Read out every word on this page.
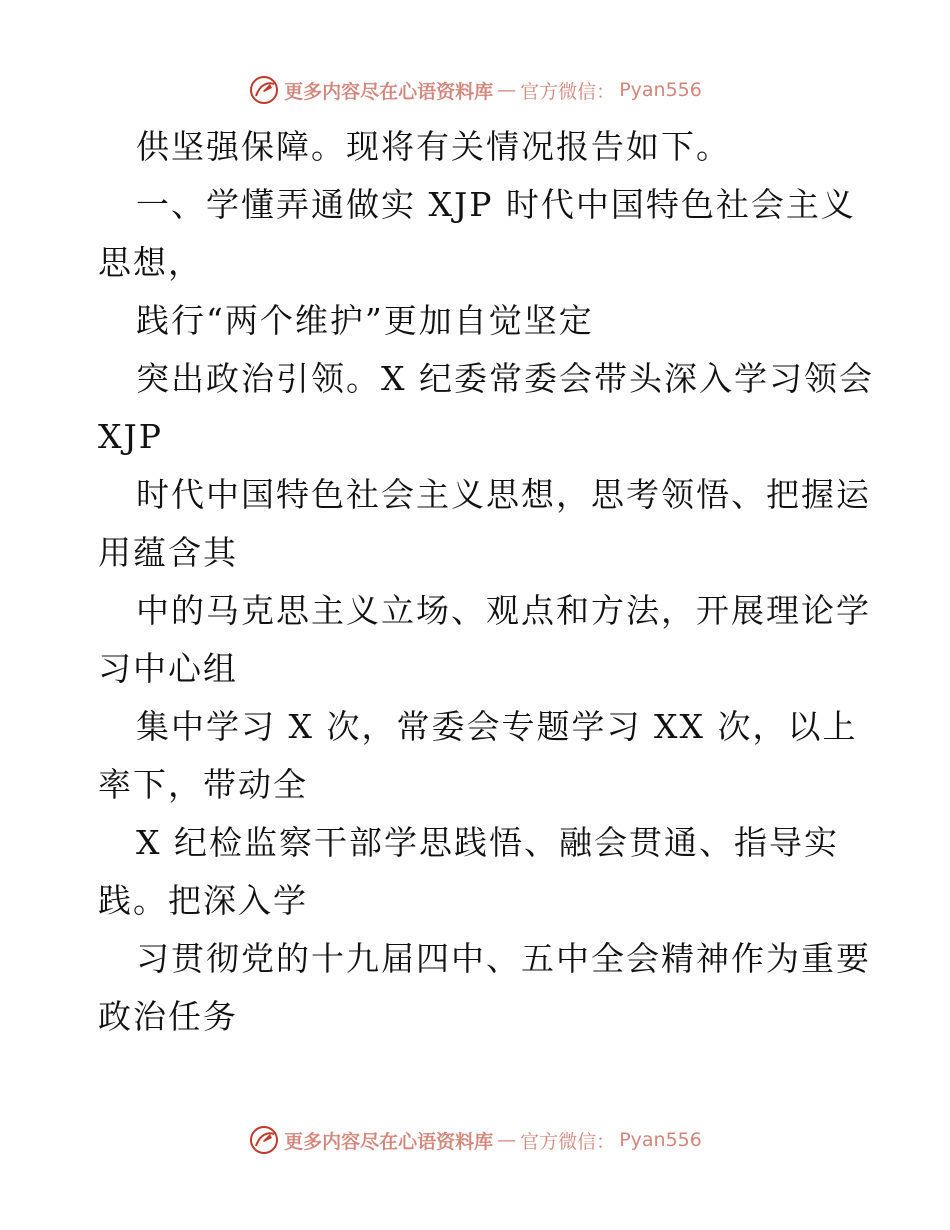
更多内容尽在心语资料库 — 官方微信： Pyan556
供坚强保障。现将有关情况报告如下。
一、学懂弄通做实 XJP 时代中国特色社会主义
思想，
践行“两个维护”更加自觉坚定
突出政治引领。X 纪委常委会带头深入学习领会
XJP
时代中国特色社会主义思想，思考领悟、把握运
用蕴含其
中的马克思主义立场、观点和方法，开展理论学
习中心组
集中学习 X 次，常委会专题学习 XX 次，以上
率下，带动全
X 纪检监察干部学思践悟、融会贯通、指导实
践。把深入学
习贯彻党的十九届四中、五中全会精神作为重要
政治任务
更多内容尽在心语资料库 — 官方微信： Pyan556
